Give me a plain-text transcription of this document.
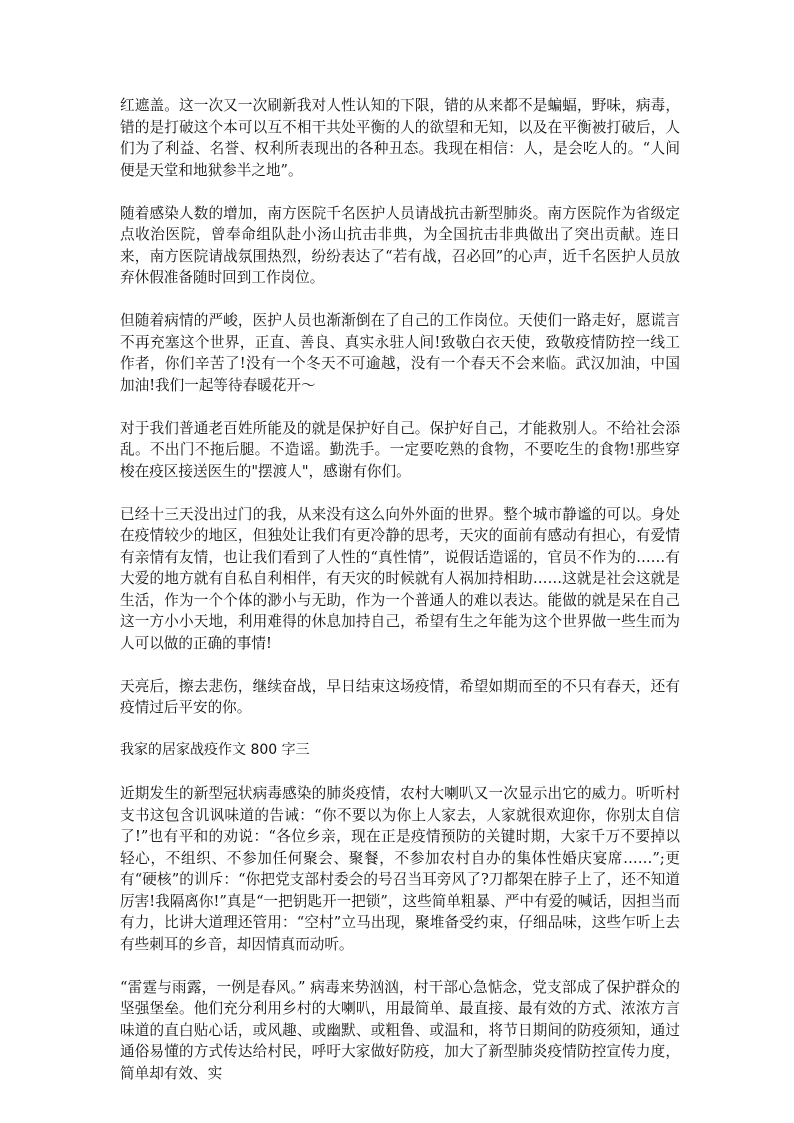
红遮盖。这一次又一次刷新我对人性认知的下限，错的从来都不是蝙蝠，野味，病毒，错的是打破这个本可以互不相干共处平衡的人的欲望和无知，以及在平衡被打破后，人们为了利益、名誉、权利所表现出的各种丑态。我现在相信：人，是会吃人的。“人间便是天堂和地狱参半之地”。

随着感染人数的增加，南方医院千名医护人员请战抗击新型肺炎。南方医院作为省级定点收治医院，曾奉命组队赴小汤山抗击非典，为全国抗击非典做出了突出贡献。连日来，南方医院请战氛围热烈，纷纷表达了“若有战，召必回”的心声，近千名医护人员放弃休假准备随时回到工作岗位。

但随着病情的严峻，医护人员也渐渐倒在了自己的工作岗位。天使们一路走好，愿谎言不再充塞这个世界，正直、善良、真实永驻人间!致敬白衣天使，致敬疫情防控一线工作者，你们辛苦了!没有一个冬天不可逾越，没有一个春天不会来临。武汉加油，中国加油!我们一起等待春暖花开～

对于我们普通老百姓所能及的就是保护好自己。保护好自己，才能救别人。不给社会添乱。不出门不拖后腿。不造谣。勤洗手。一定要吃熟的食物，不要吃生的食物!那些穿梭在疫区接送医生的"摆渡人"，感谢有你们。

已经十三天没出过门的我，从来没有这么向外外面的世界。整个城市静谧的可以。身处在疫情较少的地区，但独处让我们有更冷静的思考，天灾的面前有感动有担心，有爱情有亲情有友情，也让我们看到了人性的“真性情”，说假话造谣的，官员不作为的……有大爱的地方就有自私自利相伴，有天灾的时候就有人祸加持相助……这就是社会这就是生活，作为一个个体的渺小与无助，作为一个普通人的难以表达。能做的就是呆在自己这一方小小天地，利用难得的休息加持自己，希望有生之年能为这个世界做一些生而为人可以做的正确的事情!

天亮后，擦去悲伤，继续奋战，早日结束这场疫情，希望如期而至的不只有春天，还有疫情过后平安的你。

我家的居家战疫作文 800 字三

近期发生的新型冠状病毒感染的肺炎疫情，农村大喇叭又一次显示出它的威力。听听村支书这包含讥讽味道的告诫：“你不要以为你上人家去，人家就很欢迎你，你别太自信了!”也有平和的劝说：“各位乡亲，现在正是疫情预防的关键时期，大家千万不要掉以轻心，不组织、不参加任何聚会、聚餐，不参加农村自办的集体性婚庆宴席……”;更有“硬核”的训斥：“你把党支部村委会的号召当耳旁风了?刀都架在脖子上了，还不知道厉害!我隔离你!”真是“一把钥匙开一把锁”，这些简单粗暴、严中有爱的喊话，因担当而有力，比讲大道理还管用：“空村”立马出现，聚堆备受约束，仔细品味，这些乍听上去有些刺耳的乡音，却因情真而动听。

“雷霆与雨露，一例是春风。” 病毒来势汹汹，村干部心急惦念，党支部成了保护群众的坚强堡垒。他们充分利用乡村的大喇叭，用最简单、最直接、最有效的方式、浓浓方言味道的直白贴心话，或风趣、或幽默、或粗鲁、或温和，将节日期间的防疫须知，通过通俗易懂的方式传达给村民，呼吁大家做好防疫，加大了新型肺炎疫情防控宣传力度，简单却有效、实
